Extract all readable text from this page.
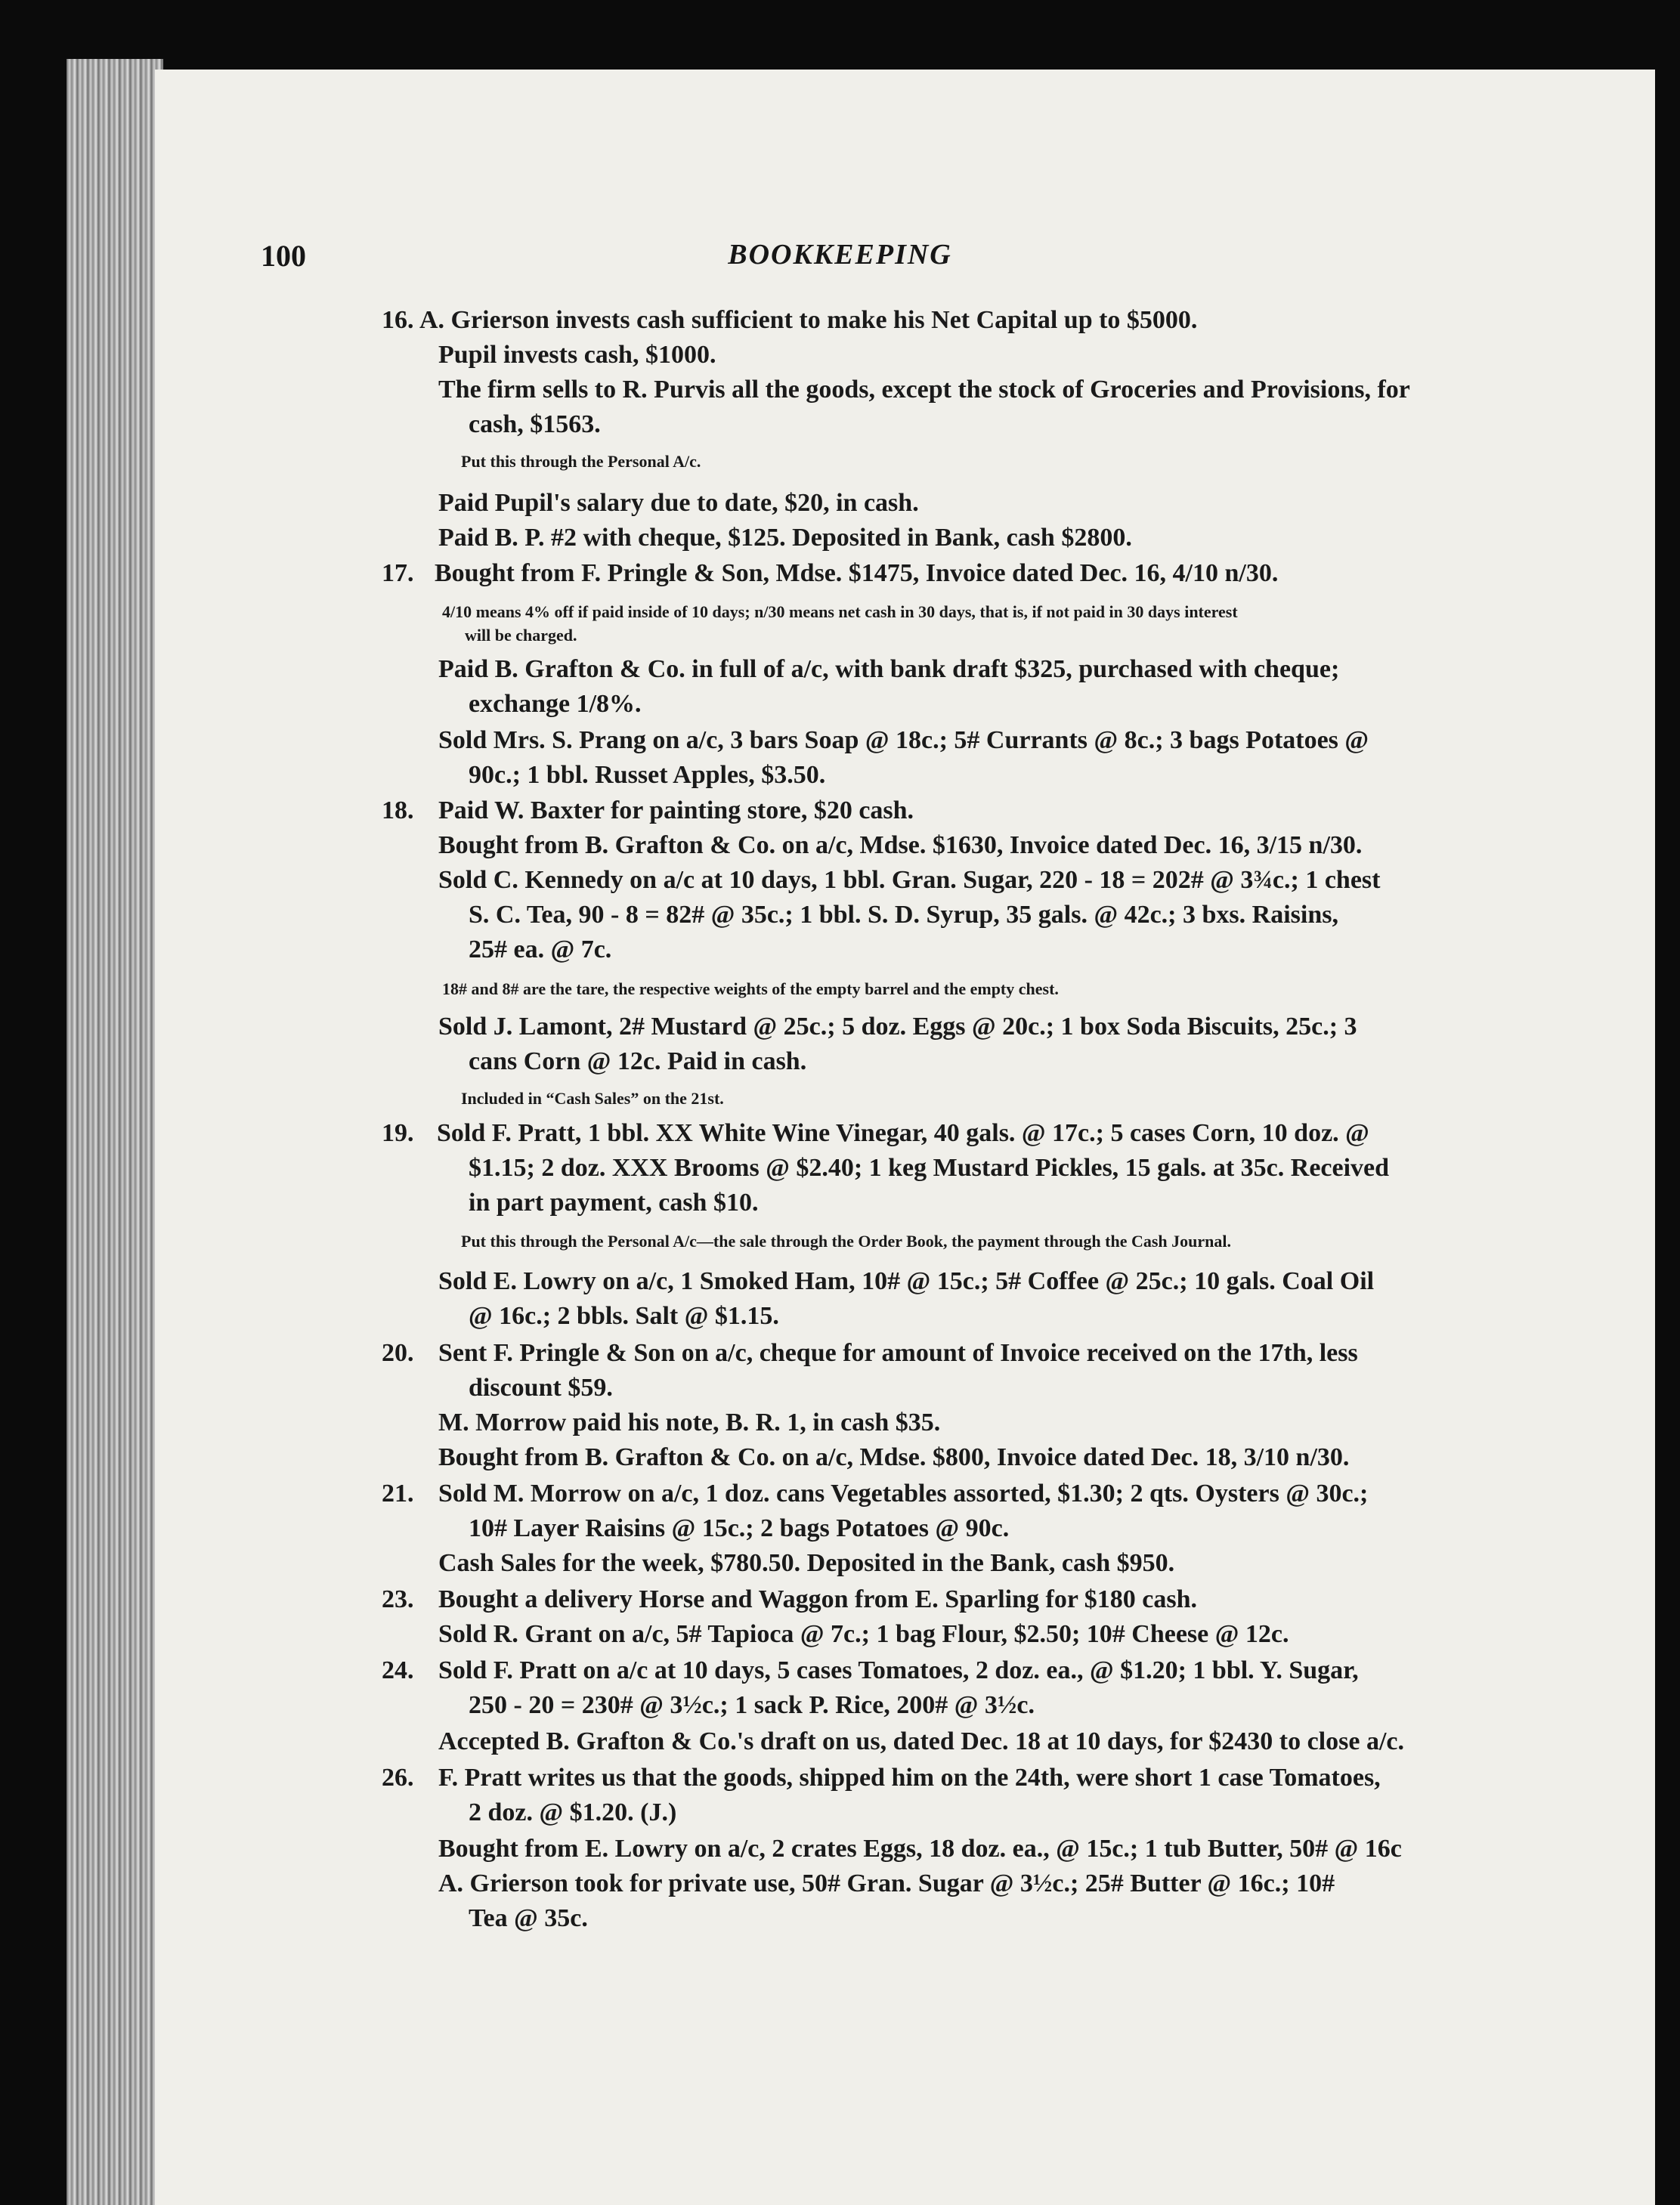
100	BOOKKEEPING
16. A. Grierson invests cash sufficient to make his Net Capital up to $5000.
Pupil invests cash, $1000.
The firm sells to R. Purvis all the goods, except the stock of Groceries and Provisions, for
cash, $1563.
Put this through the Personal A/c.
Paid Pupil's salary due to date, $20, in cash.
Paid B. P. #2 with cheque, $125. Deposited in Bank, cash $2800.
17. Bought from F. Pringle & Son, Mdse. $1475, Invoice dated Dec. 16, 4/10 n/30.
4/10 means 4% off if paid inside of 10 days; n/30 means net cash in 30 days, that is, if not paid in 30 days interest
will be charged.
Paid B. Grafton & Co. in full of a/c, with bank draft $325, purchased with cheque;
exchange 1/8%.
Sold Mrs. S. Prang on a/c, 3 bars Soap @ 18c.; 5# Currants @ 8c.; 3 bags Potatoes @
90c.; 1 bbl. Russet Apples, $3.50.
18. Paid W. Baxter for painting store, $20 cash.
Bought from B. Grafton & Co. on a/c, Mdse. $1630, Invoice dated Dec. 16, 3/15 n/30.
Sold C. Kennedy on a/c at 10 days, 1 bbl. Gran. Sugar, 220 - 18 = 202# @ 3¾c.; 1 chest
S. C. Tea, 90 - 8 = 82# @ 35c.; 1 bbl. S. D. Syrup, 35 gals. @ 42c.; 3 bxs. Raisins,
25# ea. @ 7c.
18# and 8# are the tare, the respective weights of the empty barrel and the empty chest.
Sold J. Lamont, 2# Mustard @ 25c.; 5 doz. Eggs @ 20c.; 1 box Soda Biscuits, 25c.; 3
cans Corn @ 12c. Paid in cash.
Included in “Cash Sales” on the 21st.
19. Sold F. Pratt, 1 bbl. XX White Wine Vinegar, 40 gals. @ 17c.; 5 cases Corn, 10 doz. @
$1.15; 2 doz. XXX Brooms @ $2.40; 1 keg Mustard Pickles, 15 gals. at 35c. Received
in part payment, cash $10.
Put this through the Personal A/c—the sale through the Order Book, the payment through the Cash Journal.
Sold E. Lowry on a/c, 1 Smoked Ham, 10# @ 15c.; 5# Coffee @ 25c.; 10 gals. Coal Oil
@ 16c.; 2 bbls. Salt @ $1.15.
20. Sent F. Pringle & Son on a/c, cheque for amount of Invoice received on the 17th, less
discount $59.
M. Morrow paid his note, B. R. 1, in cash $35.
Bought from B. Grafton & Co. on a/c, Mdse. $800, Invoice dated Dec. 18, 3/10 n/30.
21. Sold M. Morrow on a/c, 1 doz. cans Vegetables assorted, $1.30; 2 qts. Oysters @ 30c.;
10# Layer Raisins @ 15c.; 2 bags Potatoes @ 90c.
Cash Sales for the week, $780.50. Deposited in the Bank, cash $950.
23. Bought a delivery Horse and Waggon from E. Sparling for $180 cash.
Sold R. Grant on a/c, 5# Tapioca @ 7c.; 1 bag Flour, $2.50; 10# Cheese @ 12c.
24. Sold F. Pratt on a/c at 10 days, 5 cases Tomatoes, 2 doz. ea., @ $1.20; 1 bbl. Y. Sugar,
250 - 20 = 230# @ 3½c.; 1 sack P. Rice, 200# @ 3½c.
Accepted B. Grafton & Co.'s draft on us, dated Dec. 18 at 10 days, for $2430 to close a/c.
26. F. Pratt writes us that the goods, shipped him on the 24th, were short 1 case Tomatoes,
2 doz. @ $1.20. (J.)
Bought from E. Lowry on a/c, 2 crates Eggs, 18 doz. ea., @ 15c.; 1 tub Butter, 50# @ 16c
A. Grierson took for private use, 50# Gran. Sugar @ 3½c.; 25# Butter @ 16c.; 10#
Tea @ 35c.
